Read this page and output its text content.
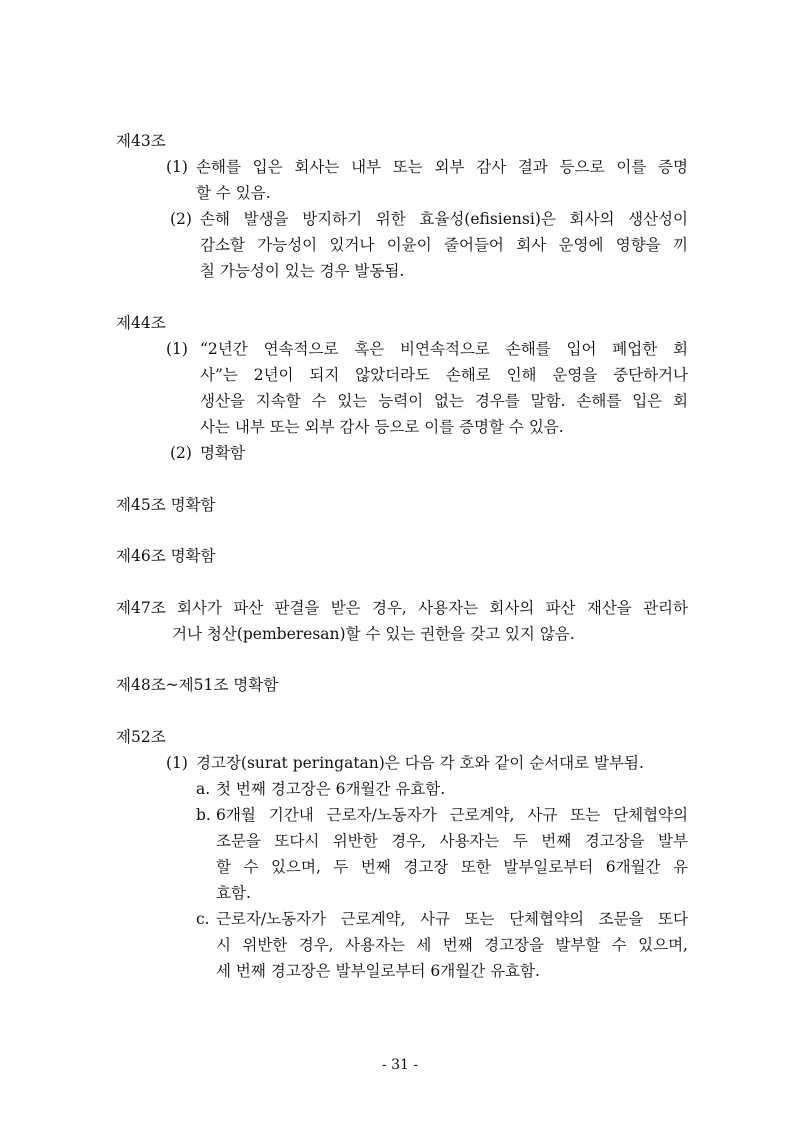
제43조
(1) 손해를 입은 회사는 내부 또는 외부 감사 결과 등으로 이를 증명
할 수 있음.
(2) 손해 발생을 방지하기 위한 효율성(efisiensi)은 회사의 생산성이
감소할 가능성이 있거나 이윤이 줄어들어 회사 운영에 영향을 끼
칠 가능성이 있는 경우 발동됨.
제44조
(1) “2년간 연속적으로 혹은 비연속적으로 손해를 입어 폐업한 회
사”는 2년이 되지 않았더라도 손해로 인해 운영을 중단하거나
생산을 지속할 수 있는 능력이 없는 경우를 말함. 손해를 입은 회
사는 내부 또는 외부 감사 등으로 이를 증명할 수 있음.
(2) 명확함
제45조 명확함
제46조 명확함
제47조 회사가 파산 판결을 받은 경우, 사용자는 회사의 파산 재산을 관리하
거나 청산(pemberesan)할 수 있는 권한을 갖고 있지 않음.
제48조~제51조 명확함
제52조
(1) 경고장(surat peringatan)은 다음 각 호와 같이 순서대로 발부됨.
a. 첫 번째 경고장은 6개월간 유효함.
b. 6개월 기간내 근로자/노동자가 근로계약, 사규 또는 단체협약의
조문을 또다시 위반한 경우, 사용자는 두 번째 경고장을 발부
할 수 있으며, 두 번째 경고장 또한 발부일로부터 6개월간 유
효함.
c. 근로자/노동자가 근로계약, 사규 또는 단체협약의 조문을 또다
시 위반한 경우, 사용자는 세 번째 경고장을 발부할 수 있으며,
세 번째 경고장은 발부일로부터 6개월간 유효함.
- 31 -
